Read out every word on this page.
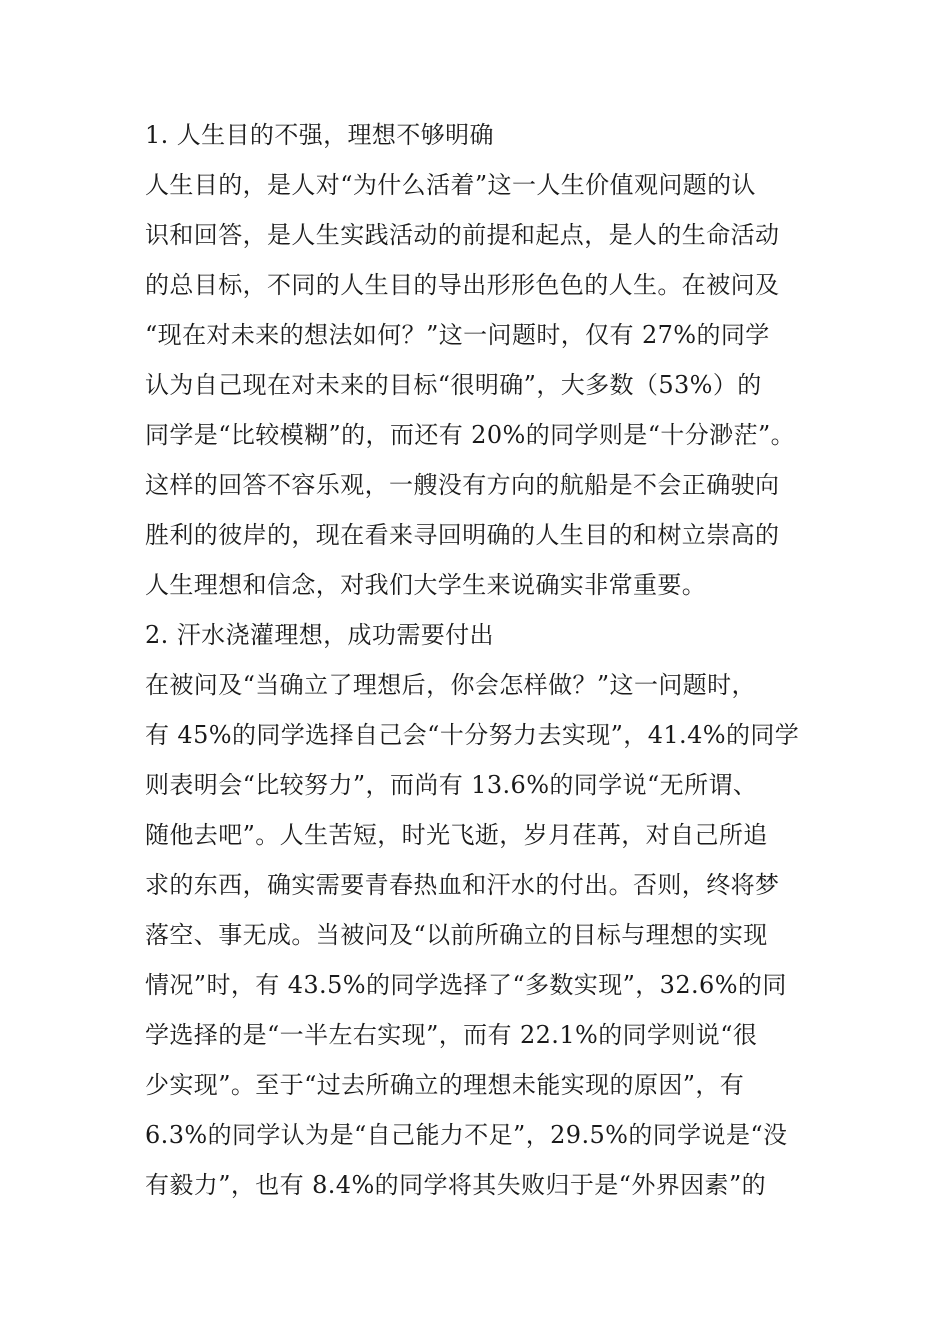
1. 人生目的不强，理想不够明确
人生目的，是人对“为什么活着”这一人生价值观问题的认
识和回答，是人生实践活动的前提和起点，是人的生命活动
的总目标，不同的人生目的导出形形色色的人生。在被问及
“现在对未来的想法如何？”这一问题时，仅有 27%的同学
认为自己现在对未来的目标“很明确”，大多数（53%）的
同学是“比较模糊”的，而还有 20%的同学则是“十分渺茫”。
这样的回答不容乐观，一艘没有方向的航船是不会正确驶向
胜利的彼岸的，现在看来寻回明确的人生目的和树立崇高的
人生理想和信念，对我们大学生来说确实非常重要。
2. 汗水浇灌理想，成功需要付出
在被问及“当确立了理想后，你会怎样做？”这一问题时，
有 45%的同学选择自己会“十分努力去实现”，41.4%的同学
则表明会“比较努力”，而尚有 13.6%的同学说“无所谓、
随他去吧”。人生苦短，时光飞逝，岁月荏苒，对自己所追
求的东西，确实需要青春热血和汗水的付出。否则，终将梦
落空、事无成。当被问及“以前所确立的目标与理想的实现
情况”时，有 43.5%的同学选择了“多数实现”，32.6%的同
学选择的是“一半左右实现”，而有 22.1%的同学则说“很
少实现”。至于“过去所确立的理想未能实现的原因”，有
6.3%的同学认为是“自己能力不足”，29.5%的同学说是“没
有毅力”，也有 8.4%的同学将其失败归于是“外界因素”的
